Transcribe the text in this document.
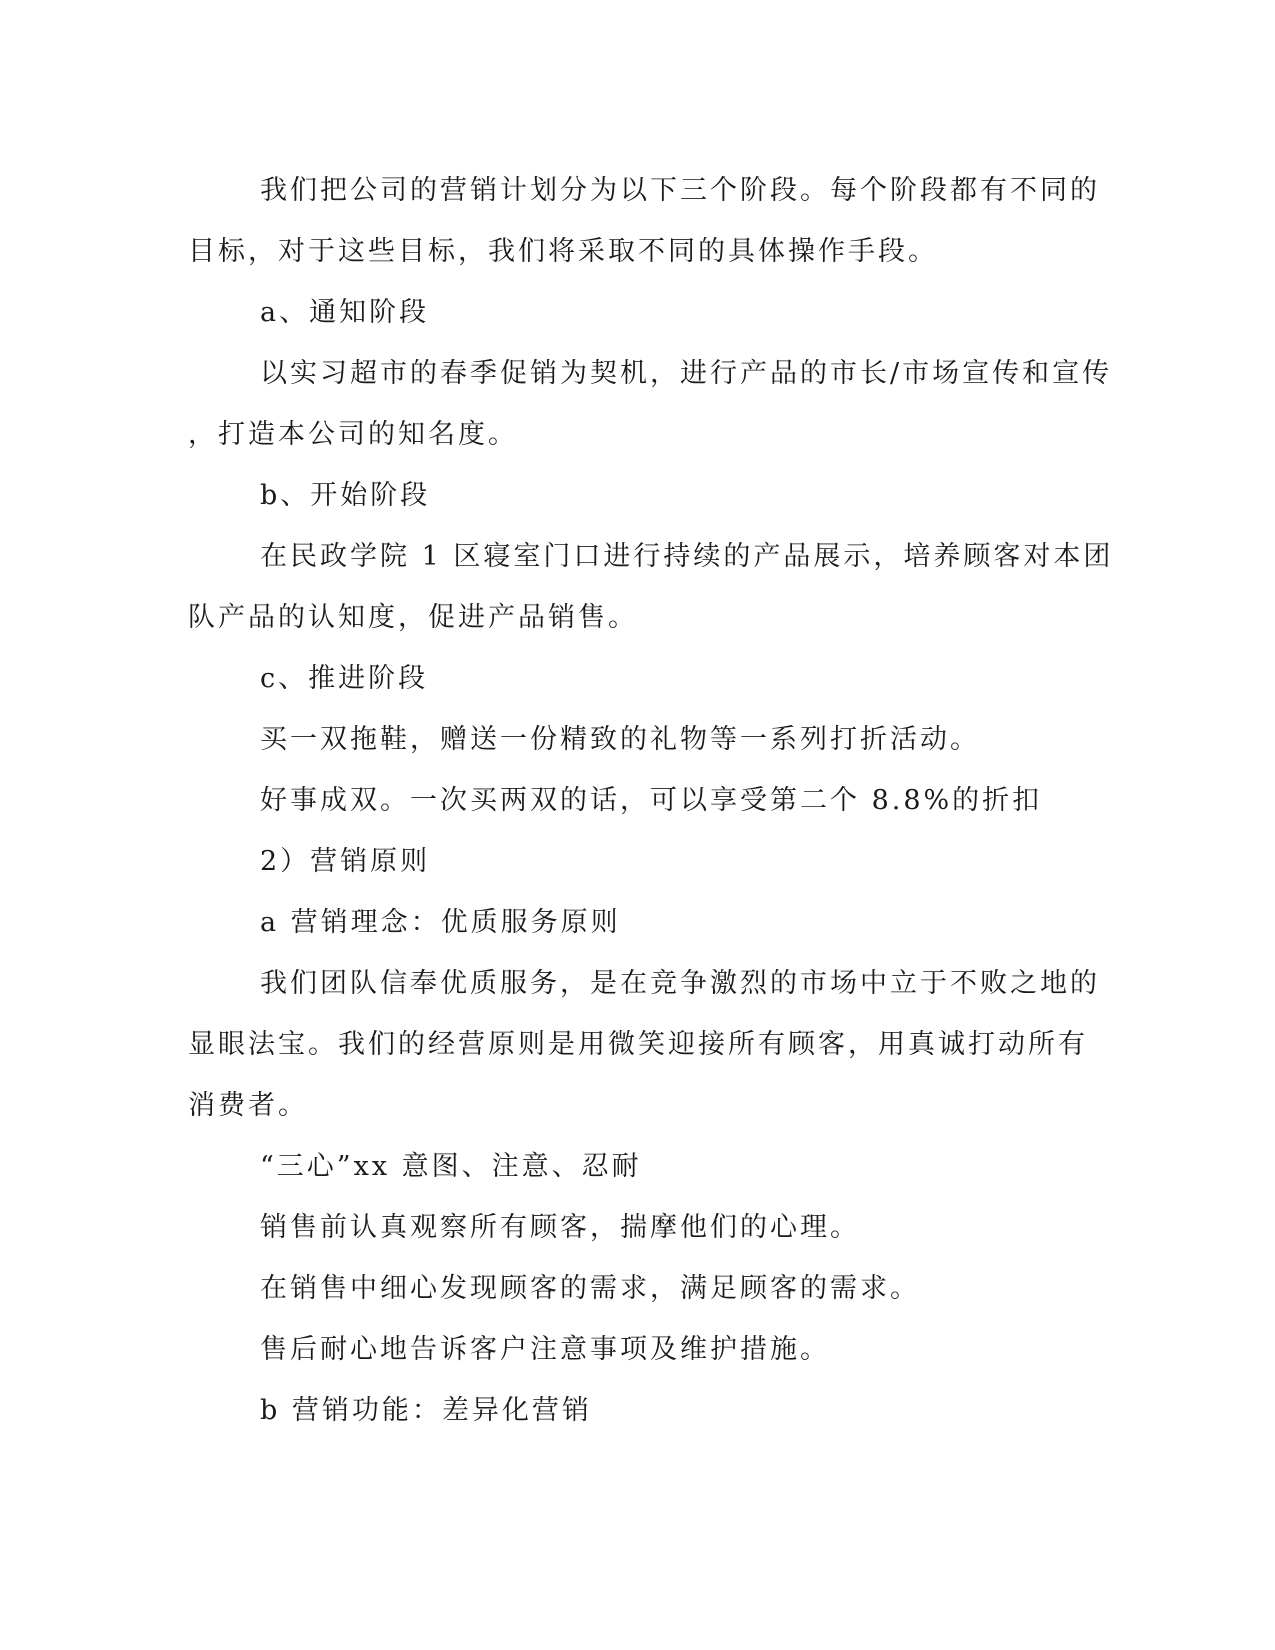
我们把公司的营销计划分为以下三个阶段。每个阶段都有不同的
目标，对于这些目标，我们将采取不同的具体操作手段。
a、通知阶段
以实习超市的春季促销为契机，进行产品的市长/市场宣传和宣传
，打造本公司的知名度。
b、开始阶段
在民政学院 1 区寝室门口进行持续的产品展示，培养顾客对本团
队产品的认知度，促进产品销售。
c、推进阶段
买一双拖鞋，赠送一份精致的礼物等一系列打折活动。
好事成双。一次买两双的话，可以享受第二个 8.8%的折扣
2）营销原则
a 营销理念：优质服务原则
我们团队信奉优质服务，是在竞争激烈的市场中立于不败之地的
显眼法宝。我们的经营原则是用微笑迎接所有顾客，用真诚打动所有
消费者。
“三心”xx 意图、注意、忍耐
销售前认真观察所有顾客，揣摩他们的心理。
在销售中细心发现顾客的需求，满足顾客的需求。
售后耐心地告诉客户注意事项及维护措施。
b 营销功能：差异化营销
